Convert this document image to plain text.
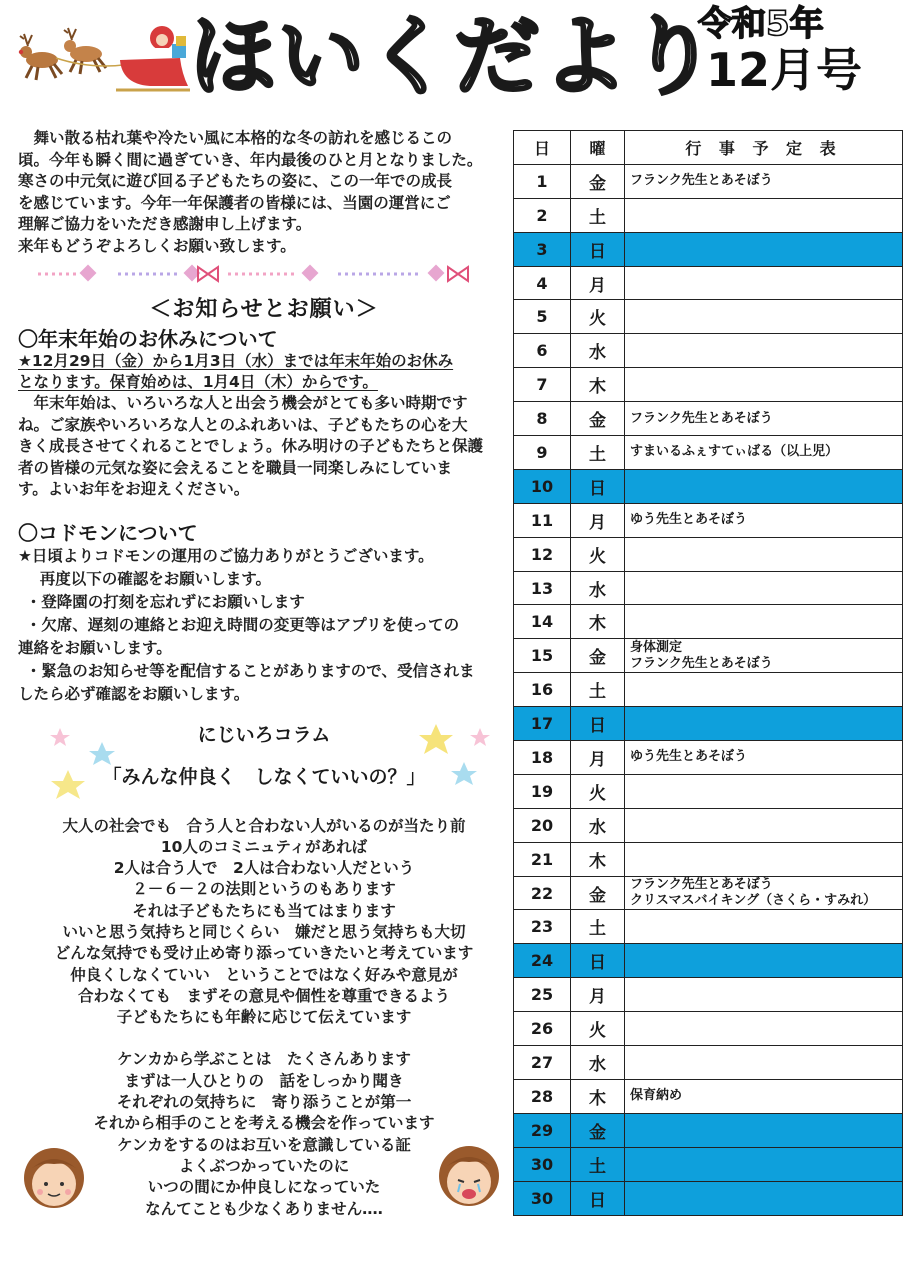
ほいくだより
令和5年
12月号

舞い散る枯れ葉や冷たい風に本格的な冬の訪れを感じるこの

頃。今年も瞬く間に過ぎていき、年内最後のひと月となりました。

寒さの中元気に遊び回る子どもたちの姿に、この一年での成長

を感じています。今年一年保護者の皆様には、当園の運営にご

理解ご協力をいただき感謝申し上げます。

来年もどうぞよろしくお願い致します。

＜お知らせとお願い＞
〇年末年始のお休みについて

★12月29日（金）から1月3日（水）までは年末年始のお休み

となります。保育始めは、1月4日（木）からです。

年末年始は、いろいろな人と出会う機会がとても多い時期です

ね。ご家族やいろいろな人とのふれあいは、子どもたちの心を大

きく成長させてくれることでしょう。休み明けの子どもたちと保護

者の皆様の元気な姿に会えることを職員一同楽しみにしていま

す。よいお年をお迎えください。

〇コドモンについて

★日頃よりコドモンの運用のご協力ありがとうございます。

再度以下の確認をお願いします。

・登降園の打刻を忘れずにお願いします

・欠席、遅刻の連絡とお迎え時間の変更等はアプリを使っての

連絡をお願いします。

・緊急のお知らせ等を配信することがありますので、受信されま

したら必ず確認をお願いします。

にじいろコラム
「みんな仲良く　しなくていいの？」

大人の社会でも　合う人と合わない人がいるのが当たり前

10人のコミニュティがあれば

2人は合う人で　2人は合わない人だという

２－６－２の法則というのもあります

それは子どもたちにも当てはまります

いいと思う気持ちと同じくらい　嫌だと思う気持ちも大切

どんな気持でも受け止め寄り添っていきたいと考えています

仲良くしなくていい　ということではなく好みや意見が

合わなくても　まずその意見や個性を尊重できるよう

子どもたちにも年齢に応じて伝えています

ケンカから学ぶことは　たくさんあります

まずは一人ひとりの　話をしっかり聞き

それぞれの気持ちに　寄り添うことが第一

それから相手のことを考える機会を作っています

ケンカをするのはお互いを意識している証

よくぶつかっていたのに

いつの間にか仲良しになっていた

なんてことも少なくありません‥‥

日	曜	行 事 予 定 表
1	金	フランク先生とあそぼう

2	土	
3	日	
4	月	
5	火	
6	水	
7	木	
8	金	フランク先生とあそぼう

9	土	すまいるふぇすてぃばる（以上児）

10	日	
11	月	ゆう先生とあそぼう

12	火	
13	水	
14	木	
15	金	身体測定
フランク先生とあそぼう

16	土	
17	日	
18	月	ゆう先生とあそぼう

19	火	
20	水	
21	木	
22	金	フランク先生とあそぼう
クリスマスバイキング（さくら・すみれ）

23	土	
24	日	
25	月	
26	火	
27	水	
28	木	保育納め

29	金	
30	土	
30	日	
